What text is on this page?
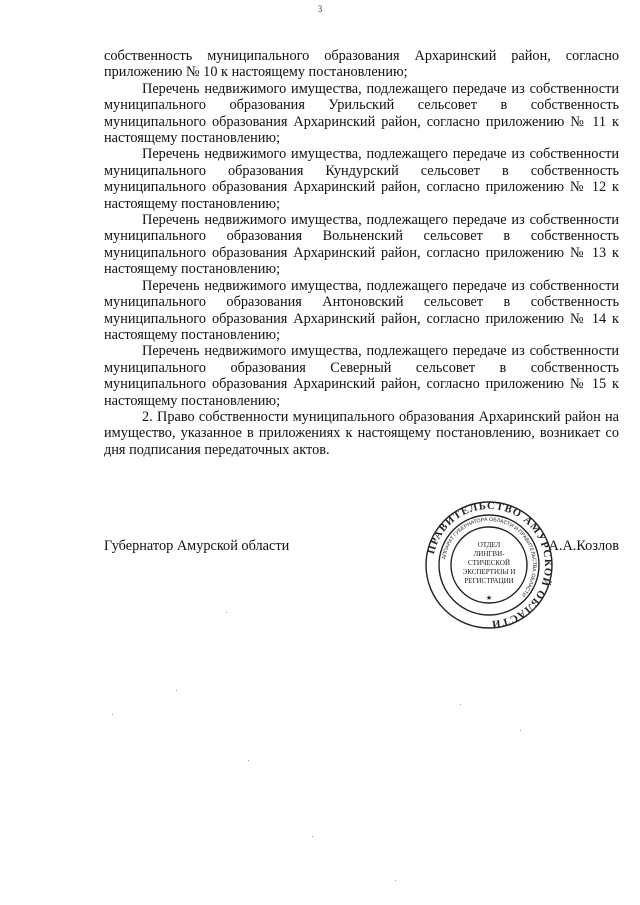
3

собственность муниципального образования Архаринский район, согласно приложению № 10 к настоящему постановлению;

Перечень недвижимого имущества, подлежащего передаче из собственности муниципального образования Урильский сельсовет в собственность муниципального образования Архаринский район, согласно приложению № 11 к настоящему постановлению;

Перечень недвижимого имущества, подлежащего передаче из собственности муниципального образования Кундурский сельсовет в собственность муниципального образования Архаринский район, согласно приложению № 12 к настоящему постановлению;

Перечень недвижимого имущества, подлежащего передаче из собственности муниципального образования Вольненский сельсовет в собственность муниципального образования Архаринский район, согласно приложению № 13 к настоящему постановлению;

Перечень недвижимого имущества, подлежащего передаче из собственности муниципального образования Антоновский сельсовет в собственность муниципального образования Архаринский район, согласно приложению № 14 к настоящему постановлению;

Перечень недвижимого имущества, подлежащего передаче из собственности муниципального образования Северный сельсовет в собственность муниципального образования Архаринский район, согласно приложению № 15 к настоящему постановлению;

2. Право собственности муниципального образования Архаринский район на имущество, указанное в приложениях к настоящему постановлению, возникает со дня подписания передаточных актов.

Губернатор Амурской области	А.А.Козлов
ПРАВИТЕЛЬСТВО АМУРСКОЙ ОБЛАСТИ
АППАРАТ ГУБЕРНАТОРА ОБЛАСТИ И ПРАВИТЕЛЬСТВА ОБЛАСТИ
ОТДЕЛ
ЛИНГВИ-
СТИЧЕСКОЙ
ЭКСПЕРТИЗЫ И
РЕГИСТРАЦИИ
★
